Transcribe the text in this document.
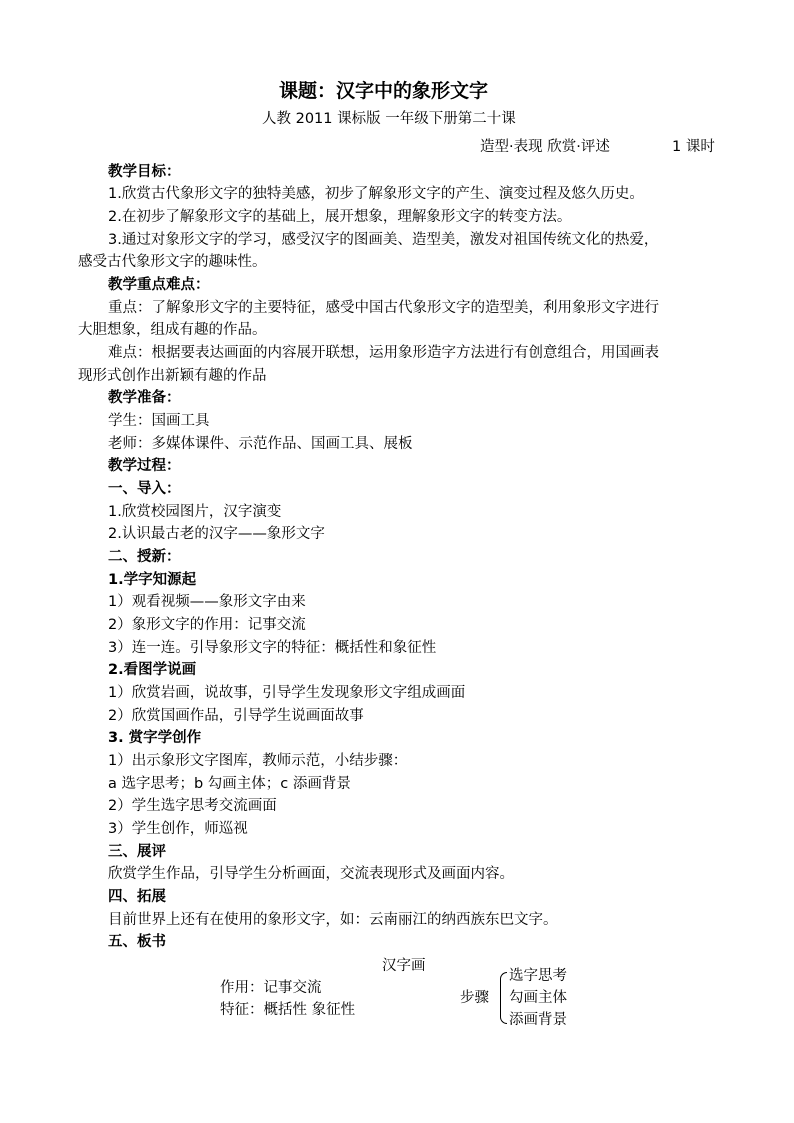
课题：汉字中的象形文字
人教 2011 课标版 一年级下册第二十课
造型·表现 欣赏·评述	1 课时
教学目标：
1.欣赏古代象形文字的独特美感，初步了解象形文字的产生、演变过程及悠久历史。
2.在初步了解象形文字的基础上，展开想象，理解象形文字的转变方法。
3.通过对象形文字的学习，感受汉字的图画美、造型美，激发对祖国传统文化的热爱，
感受古代象形文字的趣味性。
教学重点难点：
重点：了解象形文字的主要特征，感受中国古代象形文字的造型美，利用象形文字进行
大胆想象，组成有趣的作品。
难点：根据要表达画面的内容展开联想，运用象形造字方法进行有创意组合，用国画表
现形式创作出新颖有趣的作品
教学准备：
学生：国画工具
老师：多媒体课件、示范作品、国画工具、展板
教学过程：
一、导入：
1.欣赏校园图片，汉字演变
2.认识最古老的汉字——象形文字
二、授新：
1.学字知源起
1）观看视频——象形文字由来
2）象形文字的作用：记事交流
3）连一连。引导象形文字的特征：概括性和象征性
2.看图学说画
1）欣赏岩画，说故事，引导学生发现象形文字组成画面
2）欣赏国画作品，引导学生说画面故事
3. 赏字学创作
1）出示象形文字图库，教师示范，小结步骤：
a 选字思考；b 勾画主体；c 添画背景
2）学生选字思考交流画面
3）学生创作，师巡视
三、展评
欣赏学生作品，引导学生分析画面，交流表现形式及画面内容。
四、拓展
目前世界上还有在使用的象形文字，如：云南丽江的纳西族东巴文字。
五、板书
汉字画
作用：记事交流
特征：概括性 象征性
步骤
选字思考
勾画主体
添画背景
